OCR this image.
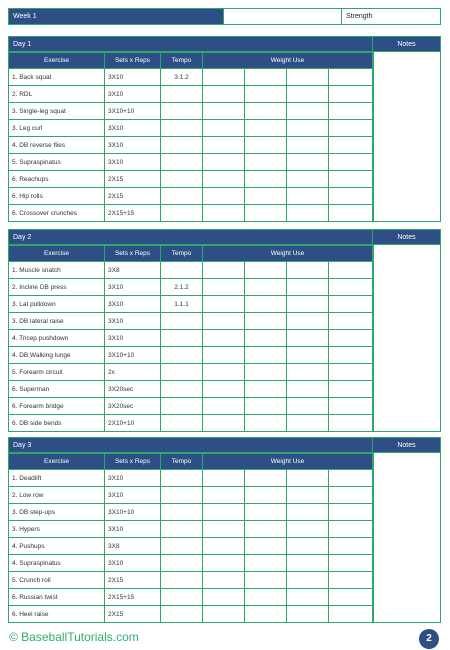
Week 1	Strength
Day 1	Notes
Exercise	Sets x Reps	Tempo	Weight Use			
1. Back squat	3X10	3.1.2				
2. RDL	3X10					
3. Single-leg squat	3X10+10					
3. Leg curl	3X10					
4. DB reverse flies	3X10					
5. Supraspinatus	3X10					
6. Reachups	2X15					
6. Hip rolls	2X15					
6. Crossover crunches	2X15+15					
Day 2	Notes
Exercise	Sets x Reps	Tempo	Weight Use			
1. Muscle snatch	3X8					
2. Incline DB press	3X10	2.1.2				
3. Lat pulldown	3X10	1.1.1				
3. DB lateral raise	3X10					
4. Tricep pushdown	3X10					
4. DB Walking lunge	3X10+10					
5. Forearm circuit	2x					
6. Superman	3X20sec					
6. Forearm bridge	3X20sec					
6. DB side bends	2X10+10					
Day 3	Notes
Exercise	Sets x Reps	Tempo	Weight Use			
1. Deadlift	3X10					
2. Low row	3X10					
3. DB step-ups	3X10+10					
3. Hypers	3X10					
4. Pushups	3X8					
4. Supraspinatus	3X10					
5. Crunch roll	2X15					
6. Russian twist	2X15+15					
6. Heel raise	2X15					
© BaseballTutorials.com	2
